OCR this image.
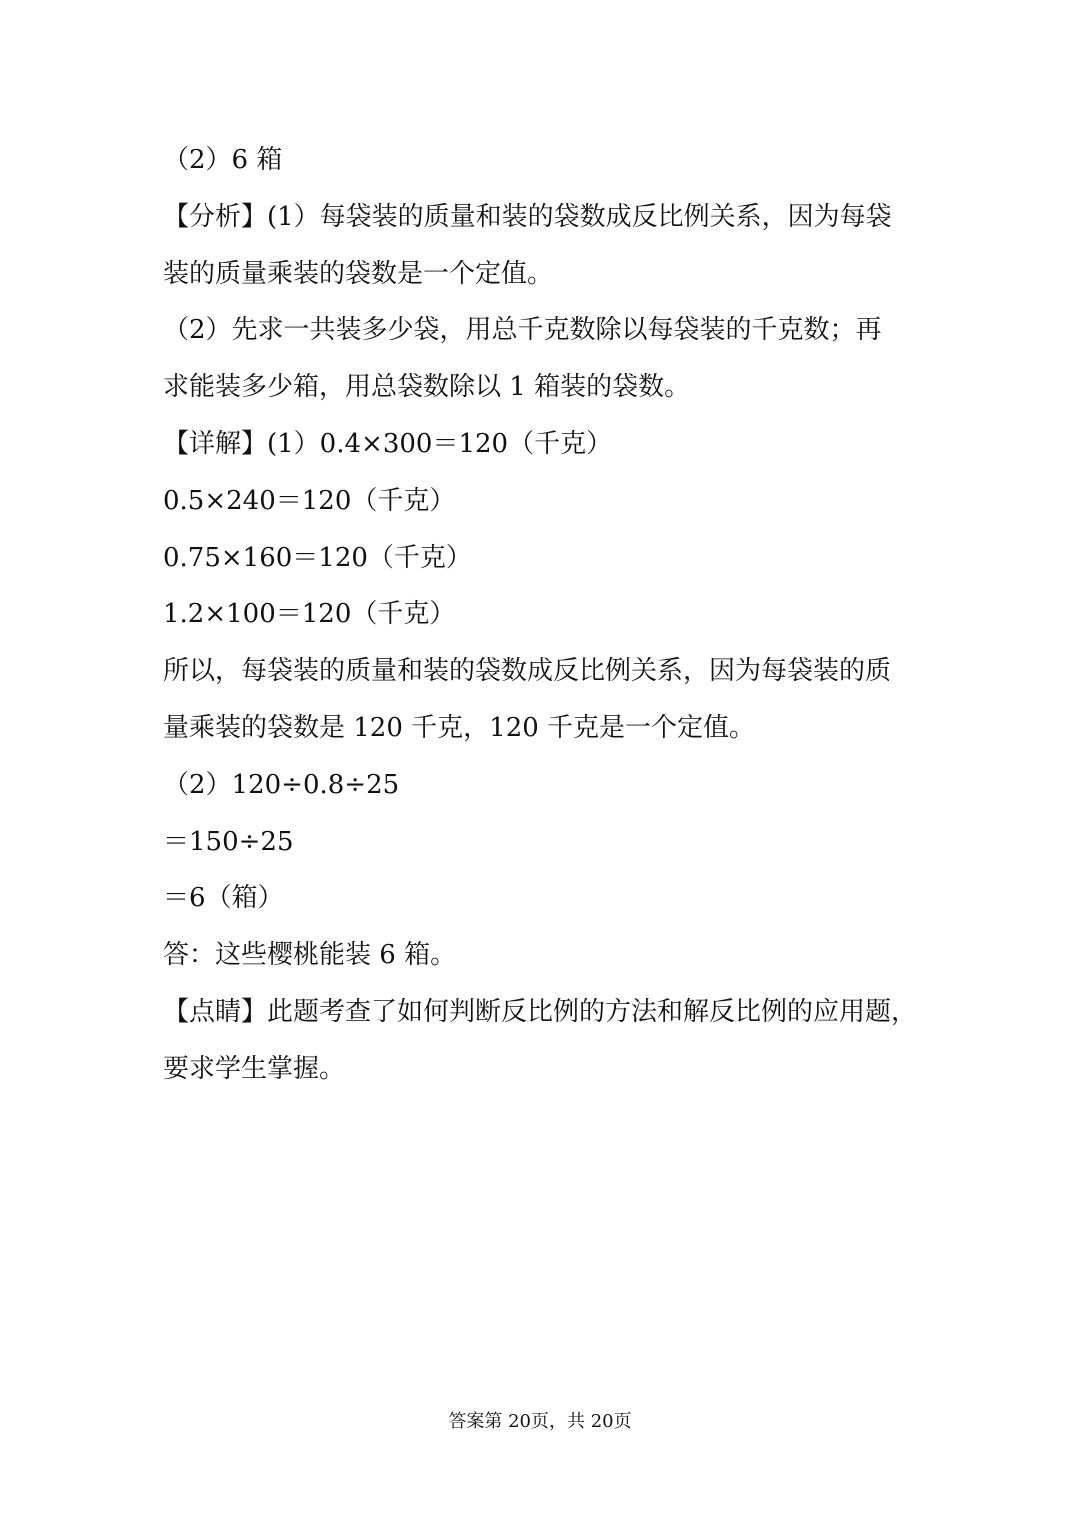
（2）6 箱
【分析】(1）每袋装的质量和装的袋数成反比例关系，因为每袋
装的质量乘装的袋数是一个定值。
（2）先求一共装多少袋，用总千克数除以每袋装的千克数；再
求能装多少箱，用总袋数除以 1 箱装的袋数。
【详解】(1）0.4×300＝120（千克）
0.5×240＝120（千克）
0.75×160＝120（千克）
1.2×100＝120（千克）
所以，每袋装的质量和装的袋数成反比例关系，因为每袋装的质
量乘装的袋数是 120 千克，120 千克是一个定值。
（2）120÷0.8÷25
＝150÷25
＝6（箱）
答：这些樱桃能装 6 箱。
【点睛】此题考查了如何判断反比例的方法和解反比例的应用题，
要求学生掌握。
答案第 20页，共 20页
